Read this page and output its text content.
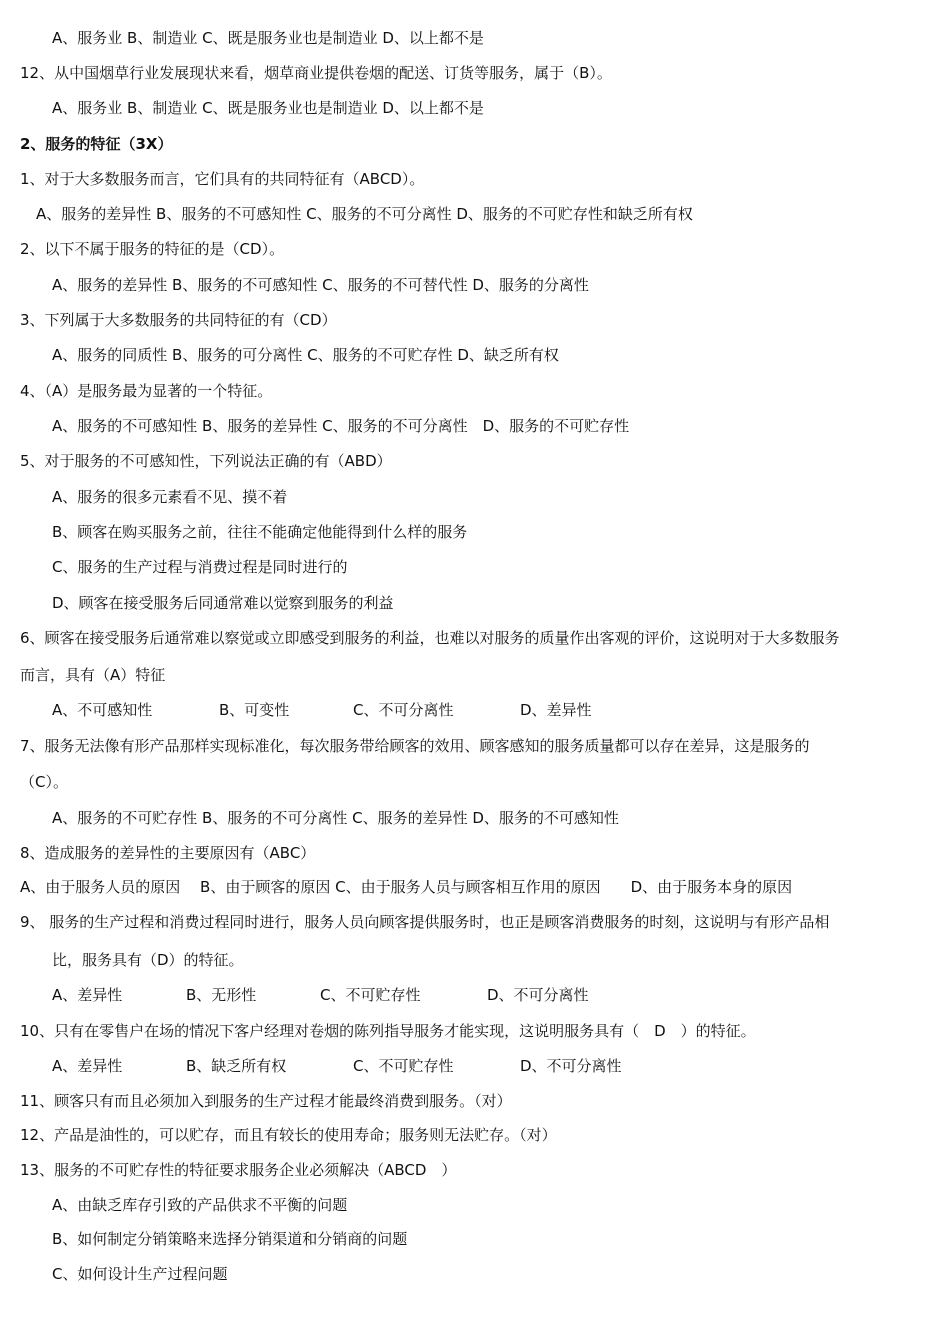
A、服务业 B、制造业 C、既是服务业也是制造业 D、以上都不是
12、从中国烟草行业发展现状来看，烟草商业提供卷烟的配送、订货等服务，属于（B）。
A、服务业 B、制造业 C、既是服务业也是制造业 D、以上都不是
2、服务的特征（3X）
1、对于大多数服务而言，它们具有的共同特征有（ABCD）。
A、服务的差异性 B、服务的不可感知性 C、服务的不可分离性 D、服务的不可贮存性和缺乏所有权
2、以下不属于服务的特征的是（CD）。
A、服务的差异性 B、服务的不可感知性 C、服务的不可替代性 D、服务的分离性
3、下列属于大多数服务的共同特征的有（CD）
A、服务的同质性 B、服务的可分离性 C、服务的不可贮存性 D、缺乏所有权
4、（A）是服务最为显著的一个特征。
A、服务的不可感知性 B、服务的差异性 C、服务的不可分离性　D、服务的不可贮存性
5、对于服务的不可感知性，下列说法正确的有（ABD）
A、服务的很多元素看不见、摸不着
B、顾客在购买服务之前，往往不能确定他能得到什么样的服务
C、服务的生产过程与消费过程是同时进行的
D、顾客在接受服务后同通常难以觉察到服务的利益
6、顾客在接受服务后通常难以察觉或立即感受到服务的利益，也难以对服务的质量作出客观的评价，这说明对于大多数服务
而言，具有（A）特征
A、不可感知性	B、可变性	C、不可分离性	D、差异性
7、服务无法像有形产品那样实现标准化，每次服务带给顾客的效用、顾客感知的服务质量都可以存在差异，这是服务的
（C）。
A、服务的不可贮存性 B、服务的不可分离性 C、服务的差异性 D、服务的不可感知性
8、造成服务的差异性的主要原因有（ABC）
A、由于服务人员的原因　 B、由于顾客的原因 C、由于服务人员与顾客相互作用的原因　　D、由于服务本身的原因
9、 服务的生产过程和消费过程同时进行，服务人员向顾客提供服务时，也正是顾客消费服务的时刻，这说明与有形产品相
比，服务具有（D）的特征。
A、差异性	B、无形性	C、不可贮存性	D、不可分离性
10、只有在零售户在场的情况下客户经理对卷烟的陈列指导服务才能实现，这说明服务具有（　D　）的特征。
A、差异性	B、缺乏所有权	C、不可贮存性	D、不可分离性
11、顾客只有而且必须加入到服务的生产过程才能最终消费到服务。（对）
12、产品是油性的，可以贮存，而且有较长的使用寿命；服务则无法贮存。（对）
13、服务的不可贮存性的特征要求服务企业必须解决（ABCD　）
A、由缺乏库存引致的产品供求不平衡的问题
B、如何制定分销策略来选择分销渠道和分销商的问题
C、如何设计生产过程问题
